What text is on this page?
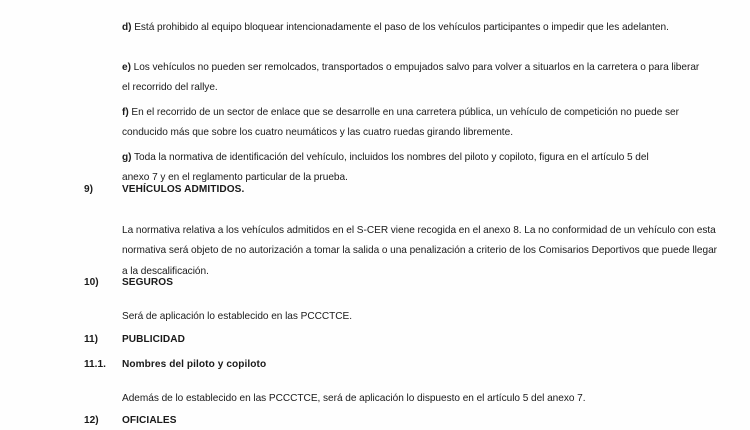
d) Está prohibido al equipo bloquear intencionadamente el paso de los vehículos participantes o impedir que les adelanten.

e) Los vehículos no pueden ser remolcados, transportados o empujados salvo para volver a situarlos en la carretera o para liberar el recorrido del rallye.

f) En el recorrido de un sector de enlace que se desarrolle en una carretera pública, un vehículo de competición no puede ser conducido más que sobre los cuatro neumáticos y las cuatro ruedas girando libremente.

g) Toda la normativa de identificación del vehículo, incluidos los nombres del piloto y copiloto, figura en el artículo 5 del anexo 7 y en el reglamento particular de la prueba.

9)	VEHÍCULOS ADMITIDOS.

La normativa relativa a los vehículos admitidos en el S-CER viene recogida en el anexo 8. La no conformidad de un vehículo con esta normativa será objeto de no autorización a tomar la salida o una penalización a criterio de los Comisarios Deportivos que puede llegar a la descalificación.

10) SEGUROS

Será de aplicación lo establecido en las PCCCTCE.

11) PUBLICIDAD
11.1. Nombres del piloto y copiloto

Además de lo establecido en las PCCCTCE, será de aplicación lo dispuesto en el artículo 5 del anexo 7.

12) OFICIALES
